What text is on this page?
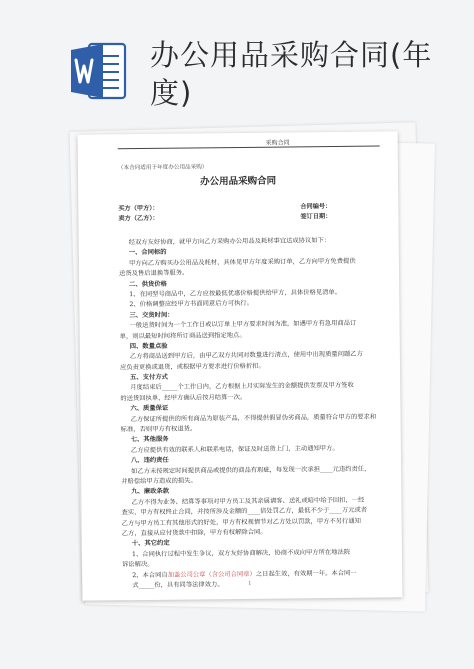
办公用品采购合同(年度)
采购合同
（本合同适用于年度办公用品采购）
办公用品采购合同
买方（甲方）：
卖方（乙方）：
合同编号：
签订日期：
经双方友好协商，就甲方向乙方采购办公用品及耗材事宜达成协议如下：
一、合同标的
甲方向乙方购买办公用品及耗材，具体见甲方年度采购订单，乙方向甲方免费提供
送货及售后退换等服务。
二、供货价格
1、在同型号商品中，乙方应按最低优惠价格提供给甲方，具体价格见清单。
2、价格调整应经甲方书面同意后方可执行。
三、交货时间：
一般送货时间为一个工作日或以订单上甲方要求时间为准，如遇甲方有急用商品订
单，则以最短时间将所订商品送到指定地点。
四、数量点验
乙方将商品送到甲方后，由甲乙双方共同对数量进行清点，使用中出现质量问题乙方
应负责更换或退货，或根据甲方要求进行价格折扣。
五、支付方式
月度结束后_____个工作日内，乙方根据上月实际发生的金额提供发票及甲方签收
的送货回执单，经甲方确认后按月结算一次。
六、质量保证
乙方保证所提供的所有商品为原装产品，不得提供假冒伪劣商品，质量符合甲方的要求和
标准，否则甲方有权退货。
七、其他服务
乙方应提供有效的联系人和联系电话，保证及时送货上门，主动通知甲方。
八、违约责任
如乙方未按规定时间提供商品或提供的商品有瑕疵，每发现一次承担____元违约责任，
并赔偿给甲方造成的损失。
九、廉政条款
乙方不得为业务、结算等事项对甲方员工及其亲属请客、送礼或暗中给予回扣，一经
查实，甲方有权终止合同，并按所涉及金额的____倍处罚乙方，最低不少于____万元或者
乙方与甲方员工有其他形式的好处，甲方有权视情节对乙方处以罚款，甲方不另行通知
乙方，直接从应付货款中扣除，甲方有权解除合同。
十、其它约定
1、合同执行过程中发生争议，双方友好协商解决，协商不成向甲方所在地法院
诉讼解决。
2、本合同自加盖公司公章（含公司合同章）之日起生效，有效期一年。本合同一
式_____份，具有同等法律效力。	1
